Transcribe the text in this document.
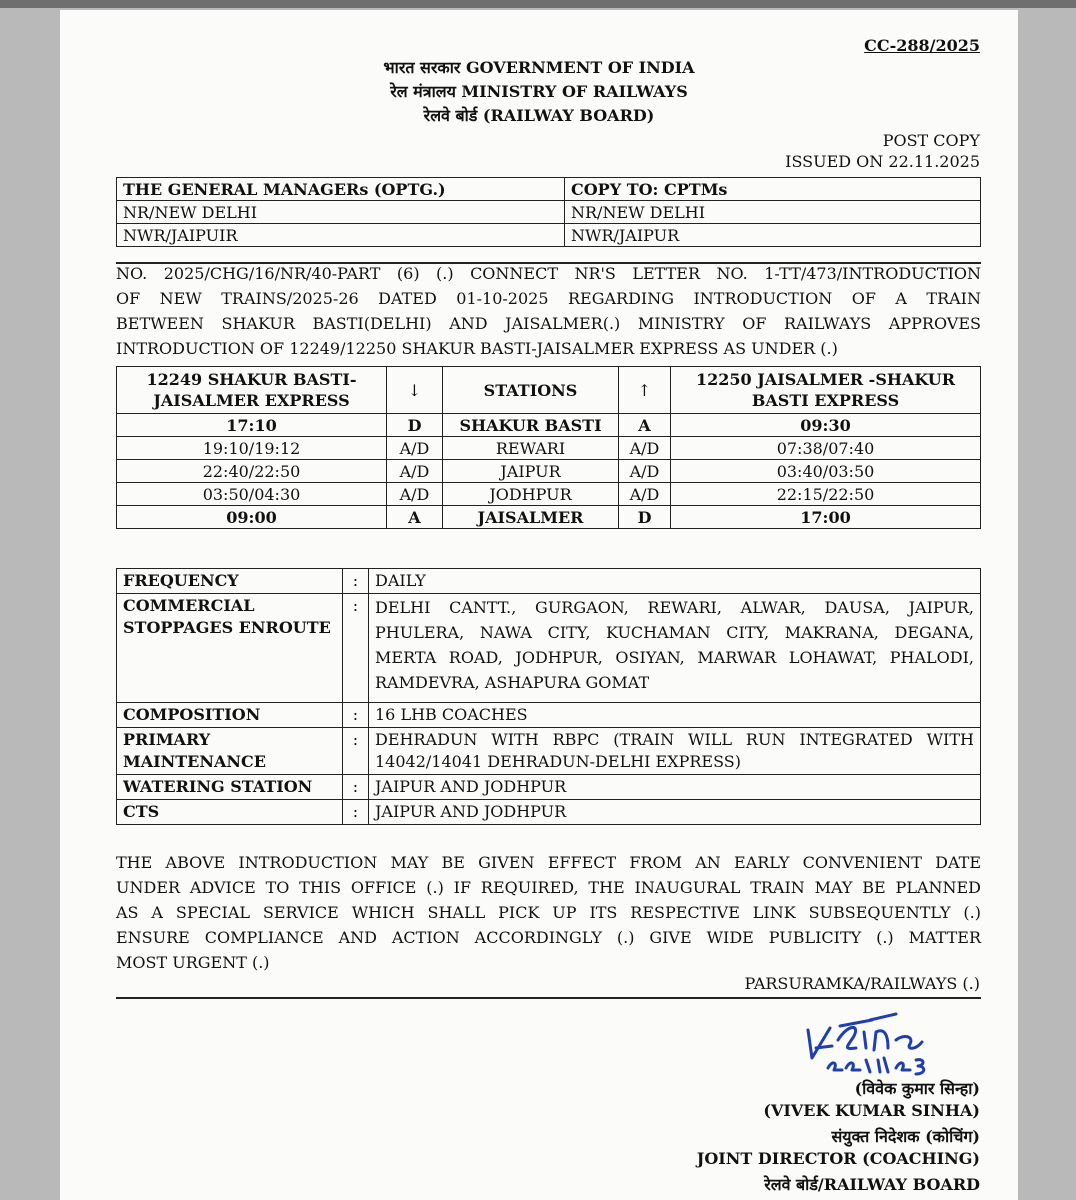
CC-288/2025
भारत सरकार GOVERNMENT OF INDIA
रेल मंत्रालय MINISTRY OF RAILWAYS
रेलवे बोर्ड (RAILWAY BOARD)
POST COPY
ISSUED ON 22.11.2025
THE GENERAL MANAGERs (OPTG.)	COPY TO: CPTMs
NR/NEW DELHI	NR/NEW DELHI
NWR/JAIPUIR	NWR/JAIPUR
NO. 2025/CHG/16/NR/40-PART (6) (.) CONNECT NR'S LETTER NO. 1-TT/473/INTRODUCTION
OF NEW TRAINS/2025-26 DATED 01-10-2025 REGARDING INTRODUCTION OF A TRAIN
BETWEEN SHAKUR BASTI(DELHI) AND JAISALMER(.) MINISTRY OF RAILWAYS APPROVES
INTRODUCTION OF 12249/12250 SHAKUR BASTI-JAISALMER EXPRESS AS UNDER (.)
12249 SHAKUR BASTI-JAISALMER EXPRESS	↓	STATIONS	↑	12250 JAISALMER -SHAKUR BASTI EXPRESS
17:10	D	SHAKUR BASTI	A	09:30
19:10/19:12	A/D	REWARI	A/D	07:38/07:40
22:40/22:50	A/D	JAIPUR	A/D	03:40/03:50
03:50/04:30	A/D	JODHPUR	A/D	22:15/22:50
09:00	A	JAISALMER	D	17:00
FREQUENCY	:	DAILY
COMMERCIAL STOPPAGES ENROUTE	:	DELHI CANTT., GURGAON, REWARI, ALWAR, DAUSA, JAIPUR, PHULERA, NAWA CITY, KUCHAMAN CITY, MAKRANA, DEGANA, MERTA ROAD, JODHPUR, OSIYAN, MARWAR LOHAWAT, PHALODI, RAMDEVRA, ASHAPURA GOMAT
COMPOSITION	:	16 LHB COACHES
PRIMARY MAINTENANCE	:	DEHRADUN WITH RBPC (TRAIN WILL RUN INTEGRATED WITH 14042/14041 DEHRADUN-DELHI EXPRESS)
WATERING STATION	:	JAIPUR AND JODHPUR
CTS	:	JAIPUR AND JODHPUR
THE ABOVE INTRODUCTION MAY BE GIVEN EFFECT FROM AN EARLY CONVENIENT DATE
UNDER ADVICE TO THIS OFFICE (.) IF REQUIRED, THE INAUGURAL TRAIN MAY BE PLANNED
AS A SPECIAL SERVICE WHICH SHALL PICK UP ITS RESPECTIVE LINK SUBSEQUENTLY (.)
ENSURE COMPLIANCE AND ACTION ACCORDINGLY (.) GIVE WIDE PUBLICITY (.) MATTER
MOST URGENT (.)
PARSURAMKA/RAILWAYS (.)
(विवेक कुमार सिन्हा)
(VIVEK KUMAR SINHA)
संयुक्त निदेशक (कोचिंग)
JOINT DIRECTOR (COACHING)
रेलवे बोर्ड/RAILWAY BOARD
